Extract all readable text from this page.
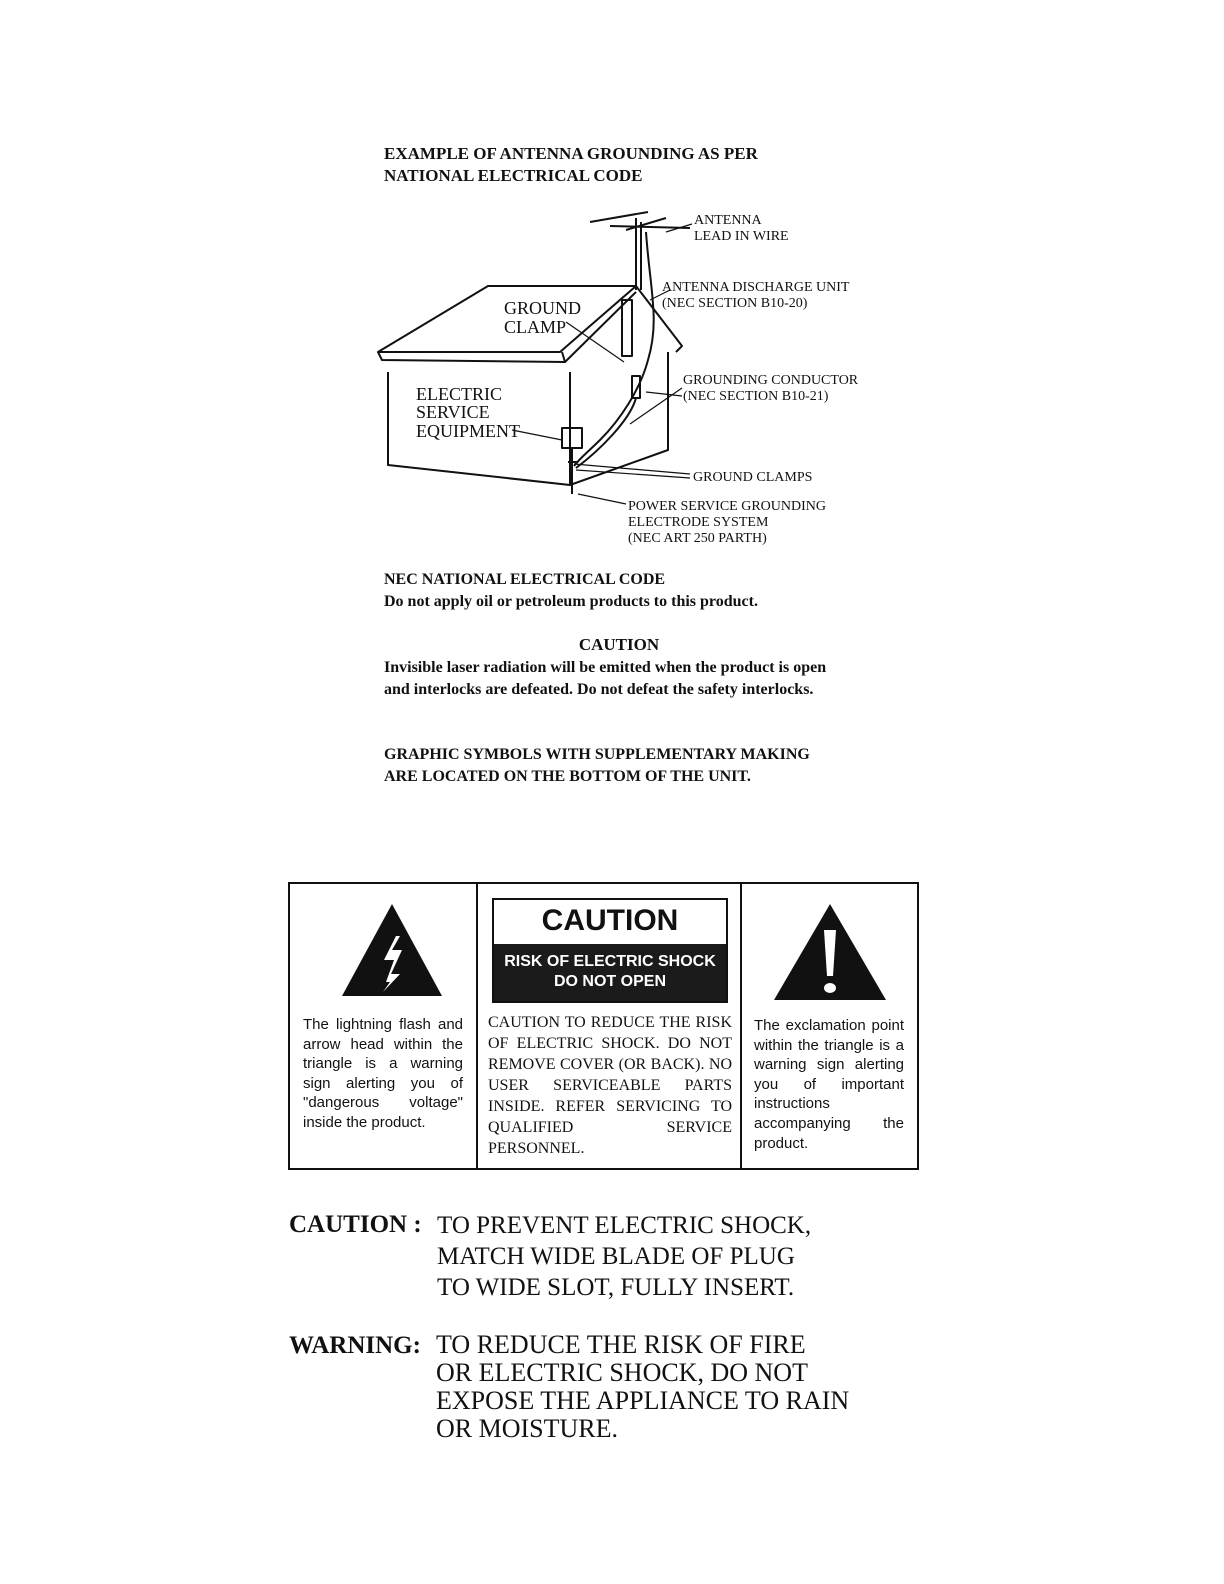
EXAMPLE OF ANTENNA GROUNDING AS PER
NATIONAL ELECTRICAL CODE
ANTENNA
LEAD IN WIRE
ANTENNA DISCHARGE UNIT
(NEC SECTION B10-20)
GROUND
CLAMP
GROUNDING CONDUCTOR
(NEC SECTION B10-21)
ELECTRIC
SERVICE
EQUIPMENT
GROUND CLAMPS
POWER SERVICE GROUNDING
ELECTRODE SYSTEM
(NEC ART 250 PARTH)
NEC NATIONAL ELECTRICAL CODE
Do not apply oil or petroleum products to this product.
CAUTION
Invisible laser radiation will be emitted when the product is open and interlocks are defeated. Do not defeat the safety interlocks.
GRAPHIC SYMBOLS WITH SUPPLEMENTARY MAKING
ARE LOCATED ON THE BOTTOM OF THE UNIT.
The lightning flash and arrow head within the triangle is a warning sign alerting you of "dangerous voltage" inside the product.
CAUTION
RISK OF ELECTRIC SHOCK
DO NOT OPEN
CAUTION TO REDUCE THE RISK OF ELECTRIC SHOCK. DO NOT REMOVE COVER (OR BACK). NO USER SERVICEABLE PARTS INSIDE. REFER SERVICING TO QUALIFIED SERVICE PERSONNEL.
The exclamation point within the triangle is a warning sign alerting you of important instructions accompanying the product.
CAUTION : TO PREVENT ELECTRIC SHOCK,
MATCH WIDE BLADE OF PLUG
TO WIDE SLOT, FULLY INSERT.
WARNING: TO REDUCE THE RISK OF FIRE
OR ELECTRIC SHOCK, DO NOT
EXPOSE THE APPLIANCE TO RAIN
OR MOISTURE.
